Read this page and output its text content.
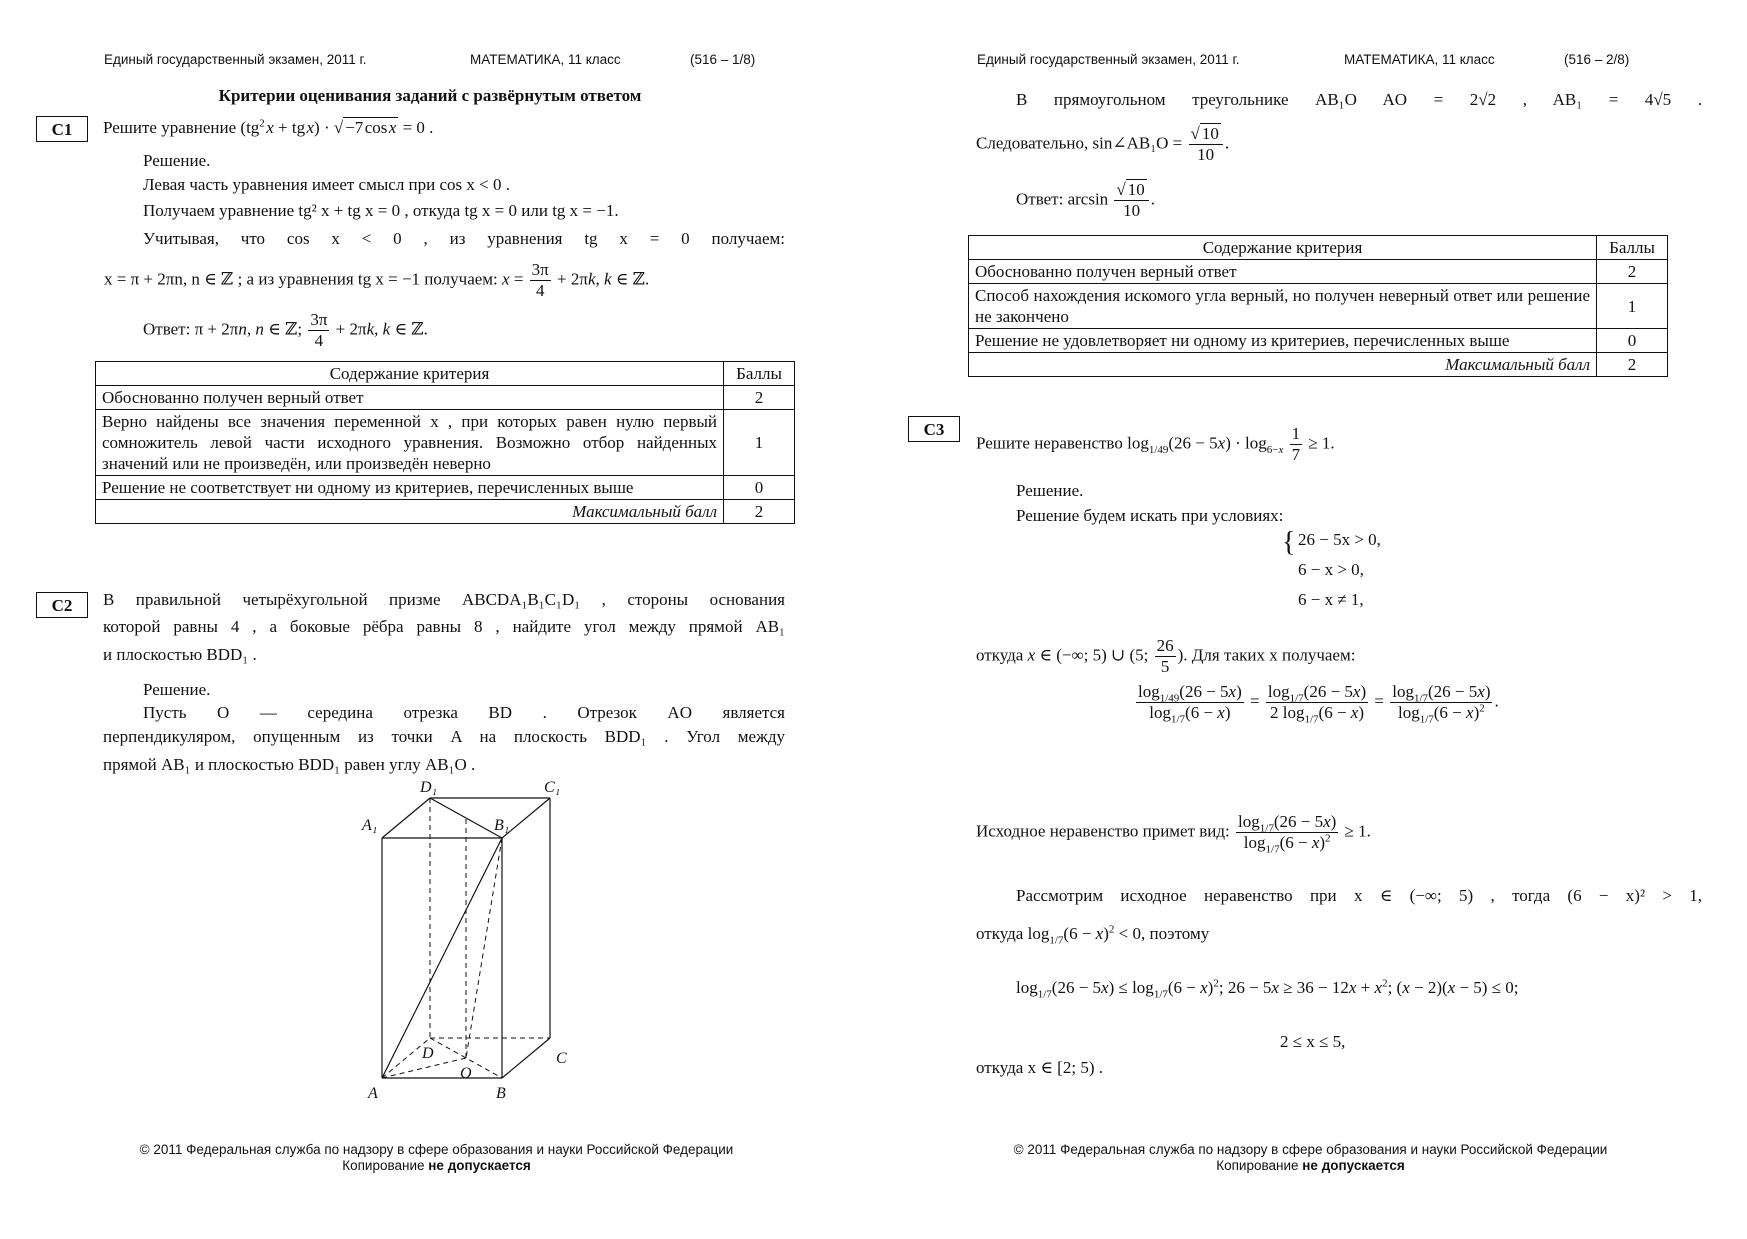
Единый государственный экзамен, 2011 г.	МАТЕМАТИКА, 11 класс	(516 – 1/8)
Критерии оценивания заданий с развёрнутым ответом
С1	Решите уравнение ($tg^2$ x + tg x) · √ −7 cos x = 0 .
Решение.
Левая часть уравнения имеет смысл при cos x < 0 .
Получаем уравнение tg² x + tg x = 0 , откуда tg x = 0 или tg x = −1.
Учитывая, что cos x < 0 , из уравнения tg x = 0 получаем:
x = π + 2πn, n ∈ ℤ ; а из уравнения tg x = −1 получаем: $x = \frac{3\pi}{4} + 2\pi k$, k ∈ ℤ.
Ответ: π + 2πn, n ∈ ℤ; $\frac{3\pi}{4} + 2\pi k$, k ∈ ℤ.
Содержание критерия	Баллы
Обоснованно получен верный ответ	2
Верно найдены все значения переменной x , при которых равен нулю первый сомножитель левой части исходного уравнения. Возможно отбор найденных значений или не произведён, или произведён неверно	1
Решение не соответствует ни одному из критериев, перечисленных выше	0
Максимальный балл	2
С2	В правильной четырёхугольной призме ABCDA₁B₁C₁D₁ , стороны основания
которой равны 4 , а боковые рёбра равны 8 , найдите угол между прямой AB₁
и плоскостью BDD₁ .
Решение.
Пусть O — середина отрезка BD . Отрезок AO является
перпендикуляром, опущенным из точки A на плоскость BDD₁ . Угол между
прямой AB₁ и плоскостью BDD₁ равен углу AB₁O .
A	B
C
D
O
A₁	B₁
C₁
D₁
© 2011 Федеральная служба по надзору в сфере образования и науки Российской Федерации
Копирование не допускается
Единый государственный экзамен, 2011 г.	МАТЕМАТИКА, 11 класс	(516 – 2/8)
В прямоугольном треугольнике AB₁O AO = 2√2 , AB₁ = 4√5 .
Следовательно, sin∠AB₁O = $\frac{√ 10}{10}$ .
Ответ: $\arcsin \frac{√ 10}{10}$ .
Содержание критерия	Баллы
Обоснованно получен верный ответ	2
Способ нахождения искомого угла верный, но получен неверный ответ или решение не закончено	1
Решение не удовлетворяет ни одному из критериев, перечисленных выше	0
Максимальный балл	2
С3
Решите неравенство $\log_{1/49}(26 - 5x) \cdot \log_{6-x} \frac{1}{7} \ge 1$.
Решение.
Решение будем искать при условиях:
{ 26 − 5x > 0,
6 − x > 0,
6 − x ≠ 1,
откуда x ∈ (−∞; 5) ∪ (5; $\frac{26}{5}$ ). Для таких x получаем:
$\frac{\log_{1/49}(26 - 5x)}{\log_{1/7}(6 - x)} = \frac{\log_{1/7}(26 - 5x)}{2 \log_{1/7}(6 - x)} = \frac{\log_{1/7}(26 - 5x)}{\log_{1/7}(6 - x)^2}$ .
Исходное неравенство примет вид: $\frac{\log_{1/7}(26 - 5x)}{\log_{1/7}(6 - x)^2} \ge 1$.
Рассмотрим исходное неравенство при x ∈ (−∞; 5) , тогда (6 − x)² > 1,
откуда $\log_{1/7}(6 - x)^2 < 0$, поэтому
$\log_{1/7}(26 - 5x) \le \log_{1/7}(6 - x)^2$; $26 - 5x \ge 36 - 12x + x^2$; (x − 2)(x − 5) ≤ 0;
2 ≤ x ≤ 5,
откуда x ∈ [2; 5) .
© 2011 Федеральная служба по надзору в сфере образования и науки Российской Федерации
Копирование не допускается
